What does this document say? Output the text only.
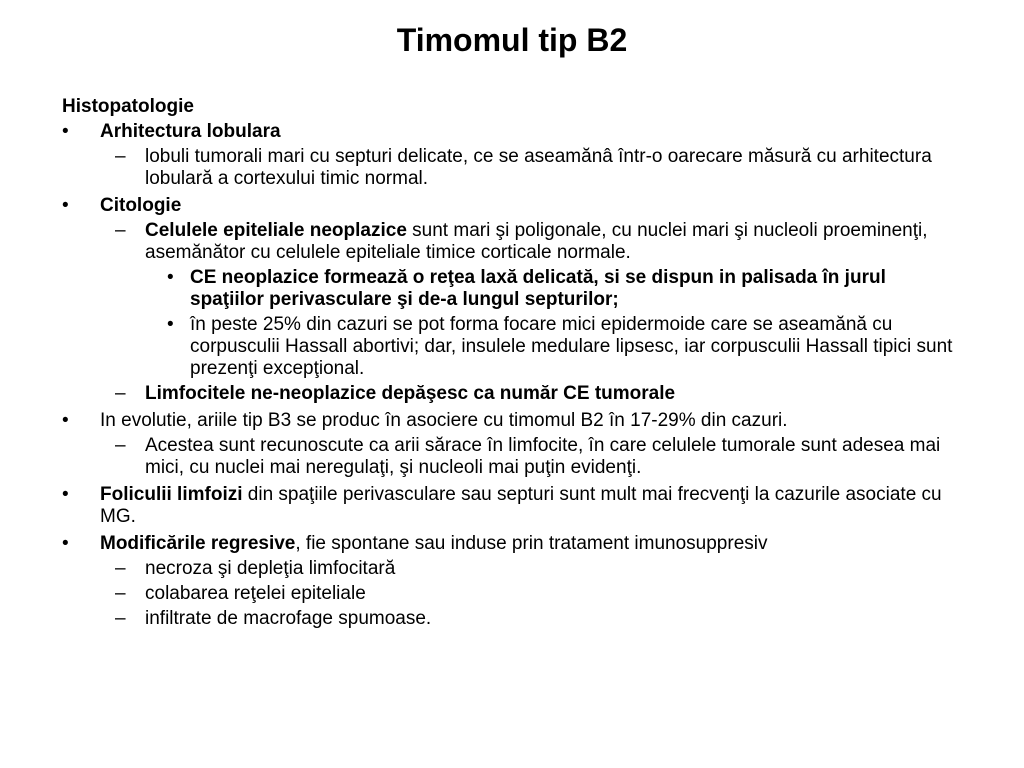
Timomul tip B2
Histopatologie
• Arhitectura lobulara
– lobuli tumorali mari cu septuri delicate, ce se aseamănâ într-o oarecare măsură cu arhitectura lobulară a cortexului timic normal.
• Citologie
– Celulele epiteliale neoplazice sunt mari şi poligonale, cu nuclei mari şi nucleoli proeminenţi, asemănător cu celulele epiteliale timice corticale normale.
• CE neoplazice formează o reţea laxă delicată, si se dispun in palisada în jurul spaţiilor perivasculare şi de-a lungul septurilor;
• în peste 25% din cazuri se pot forma focare mici epidermoide care se aseamănă cu corpusculii Hassall abortivi; dar, insulele medulare lipsesc, iar corpusculii Hassall tipici sunt prezenţi excepţional.
– Limfocitele ne-neoplazice depăşesc ca număr CE tumorale
• In evolutie, ariile tip B3 se produc în asociere cu timomul B2 în 17-29% din cazuri.
– Acestea sunt recunoscute ca arii sărace în limfocite, în care celulele tumorale sunt adesea mai mici, cu nuclei mai neregulaţi, şi nucleoli mai puţin evidenţi.
• Foliculii limfoizi din spaţiile perivasculare sau septuri sunt mult mai frecvenţi la cazurile asociate cu MG.
• Modificările regresive, fie spontane sau induse prin tratament imunosuppresiv
– necroza şi depleţia limfocitară
– colabarea reţelei epiteliale
– infiltrate de macrofage spumoase.
